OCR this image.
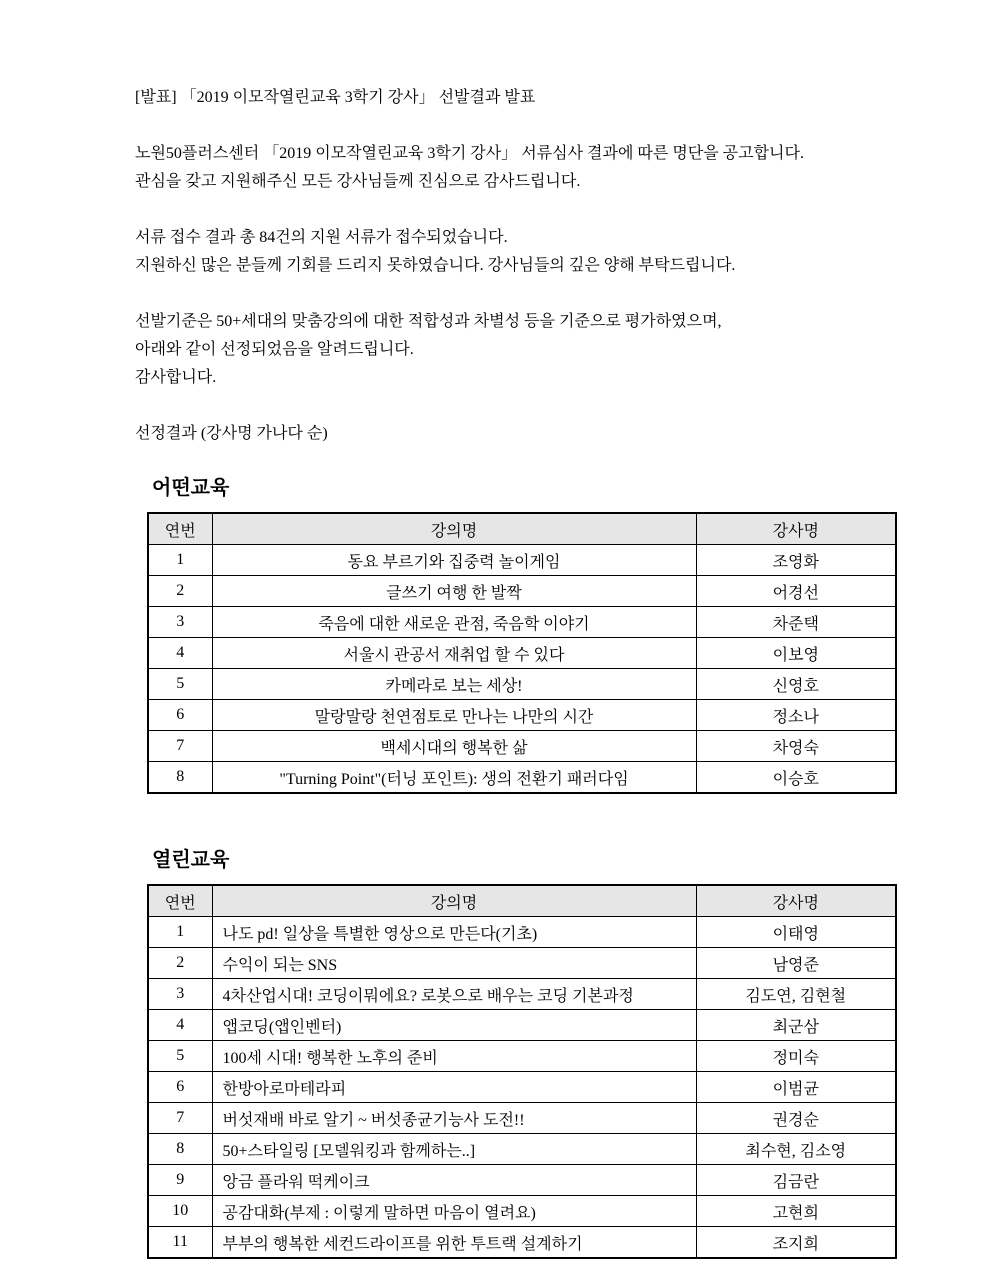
[발표] 「2019 이모작열린교육 3학기 강사」 선발결과 발표

노원50플러스센터 「2019 이모작열린교육 3학기 강사」 서류심사 결과에 따른 명단을 공고합니다.
관심을 갖고 지원해주신 모든 강사님들께 진심으로 감사드립니다.

서류 접수 결과 총 84건의 지원 서류가 접수되었습니다.
지원하신 많은 분들께 기회를 드리지 못하였습니다. 강사님들의 깊은 양해 부탁드립니다.

선발기준은 50+세대의 맞춤강의에 대한 적합성과 차별성 등을 기준으로 평가하였으며,
아래와 같이 선정되었음을 알려드립니다.
감사합니다.

선정결과 (강사명 가나다 순)

어떤교육
연번	강의명	강사명
1	동요 부르기와 집중력 놀이게임	조영화
2	글쓰기 여행 한 발짝	어경선
3	죽음에 대한 새로운 관점, 죽음학 이야기	차준택
4	서울시 관공서 재취업 할 수 있다	이보영
5	카메라로 보는 세상!	신영호
6	말랑말랑 천연점토로 만나는 나만의 시간	정소나
7	백세시대의 행복한 삶	차영숙
8	"Turning Point"(터닝 포인트): 생의 전환기 패러다임	이승호
열린교육
연번	강의명	강사명
1	나도 pd! 일상을 특별한 영상으로 만든다(기초)	이태영
2	수익이 되는 SNS	남영준
3	4차산업시대! 코딩이뭐에요? 로봇으로 배우는 코딩 기본과정	김도연, 김현철
4	앱코딩(앱인벤터)	최군삼
5	100세 시대! 행복한 노후의 준비	정미숙
6	한방아로마테라피	이범균
7	버섯재배 바로 알기 ~ 버섯종균기능사 도전!!	권경순
8	50+스타일링 [모델워킹과 함께하는..]	최수현, 김소영
9	앙금 플라워 떡케이크	김금란
10	공감대화(부제 : 이렇게 말하면 마음이 열려요)	고현희
11	부부의 행복한 세컨드라이프를 위한 투트랙 설계하기	조지희
